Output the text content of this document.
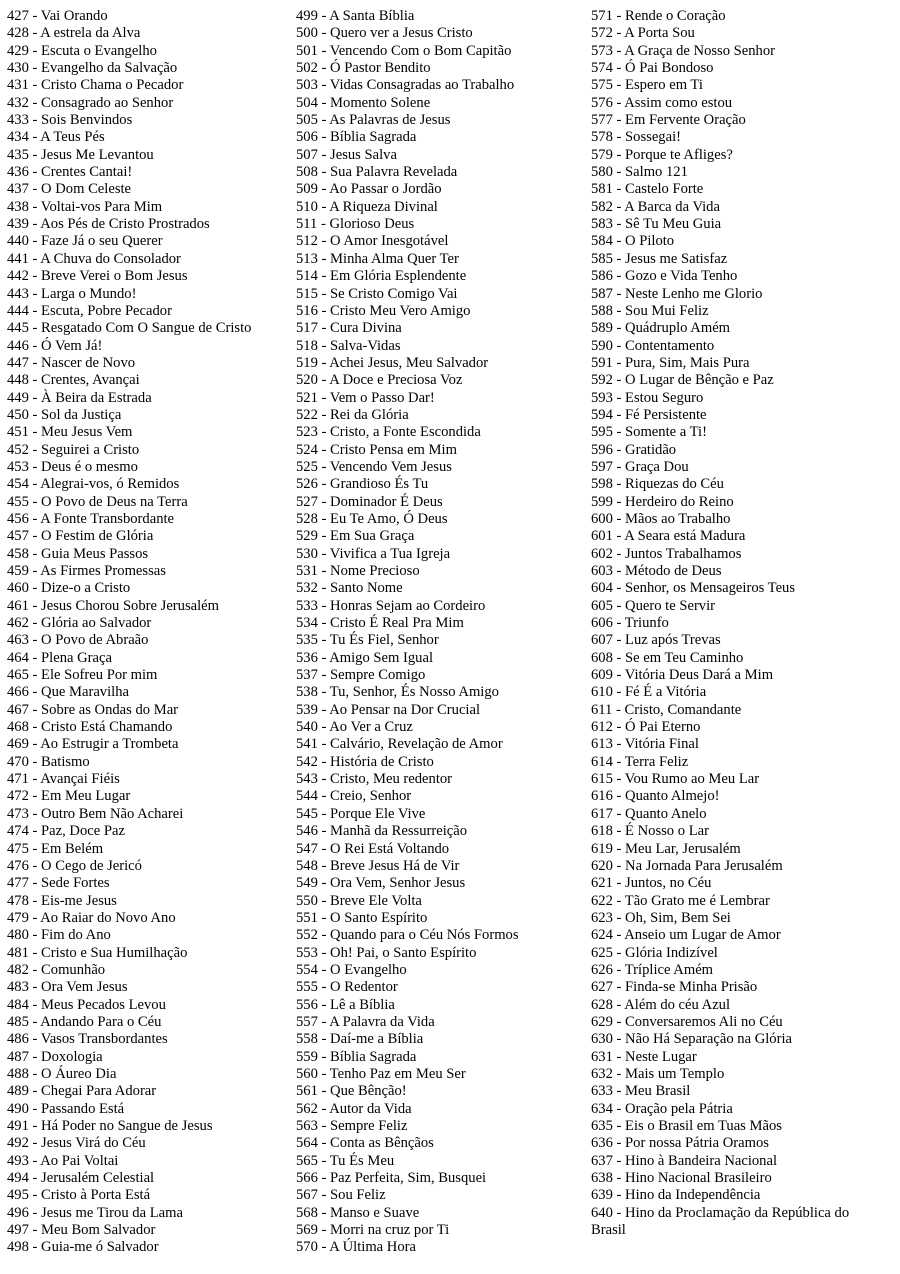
427 - Vai Orando
428 - A estrela da Alva
429 - Escuta o Evangelho
430 - Evangelho da Salvação
431 - Cristo Chama o Pecador
432 - Consagrado ao Senhor
433 - Sois Benvindos
434 - A Teus Pés
435 - Jesus Me Levantou
436 - Crentes Cantai!
437 - O Dom Celeste
438 - Voltai-vos Para Mim
439 - Aos Pés de Cristo Prostrados
440 - Faze Já o seu Querer
441 - A Chuva do Consolador
442 - Breve Verei o Bom Jesus
443 - Larga o Mundo!
444 - Escuta, Pobre Pecador
445 - Resgatado Com O Sangue de Cristo
446 - Ó Vem Já!
447 - Nascer de Novo
448 - Crentes, Avançai
449 - À Beira da Estrada
450 - Sol da Justiça
451 - Meu Jesus Vem
452 - Seguirei a Cristo
453 - Deus é o mesmo
454 - Alegrai-vos, ó Remidos
455 - O Povo de Deus na Terra
456 - A Fonte Transbordante
457 - O Festim de Glória
458 - Guia Meus Passos
459 - As Firmes Promessas
460 - Dize-o a Cristo
461 - Jesus Chorou Sobre Jerusalém
462 - Glória ao Salvador
463 - O Povo de Abraão
464 - Plena Graça
465 - Ele Sofreu Por mim
466 - Que Maravilha
467 - Sobre as Ondas do Mar
468 - Cristo Está Chamando
469 - Ao Estrugir a Trombeta
470 - Batismo
471 - Avançai Fiéis
472 - Em Meu Lugar
473 - Outro Bem Não Acharei
474 - Paz, Doce Paz
475 - Em Belém
476 - O Cego de Jericó
477 - Sede Fortes
478 - Eis-me Jesus
479 - Ao Raiar do Novo Ano
480 - Fim do Ano
481 - Cristo e Sua Humilhação
482 - Comunhão
483 - Ora Vem Jesus
484 - Meus Pecados Levou
485 - Andando Para o Céu
486 - Vasos Transbordantes
487 - Doxologia
488 - O Áureo Dia
489 - Chegai Para Adorar
490 - Passando Está
491 - Há Poder no Sangue de Jesus
492 - Jesus Virá do Céu
493 - Ao Pai Voltai
494 - Jerusalém Celestial
495 - Cristo à Porta Está
496 - Jesus me Tirou da Lama
497 - Meu Bom Salvador
498 - Guia-me ó Salvador
499 - A Santa Bíblia
500 - Quero ver a Jesus Cristo
501 - Vencendo Com o Bom Capitão
502 - Ó Pastor Bendito
503 - Vidas Consagradas ao Trabalho
504 - Momento Solene
505 - As Palavras de Jesus
506 - Bíblia Sagrada
507 - Jesus Salva
508 - Sua Palavra Revelada
509 - Ao Passar o Jordão
510 - A Riqueza Divinal
511 - Glorioso Deus
512 - O Amor Inesgotável
513 - Minha Alma Quer Ter
514 - Em Glória Esplendente
515 - Se Cristo Comigo Vai
516 - Cristo Meu Vero Amigo
517 - Cura Divina
518 - Salva-Vidas
519 - Achei Jesus, Meu Salvador
520 - A Doce e Preciosa Voz
521 - Vem o Passo Dar!
522 - Rei da Glória
523 - Cristo, a Fonte Escondida
524 - Cristo Pensa em Mim
525 - Vencendo Vem Jesus
526 - Grandioso És Tu
527 - Dominador É Deus
528 - Eu Te Amo, Ó Deus
529 - Em Sua Graça
530 - Vivifica a Tua Igreja
531 - Nome Precioso
532 - Santo Nome
533 - Honras Sejam ao Cordeiro
534 - Cristo É Real Pra Mim
535 - Tu És Fiel, Senhor
536 - Amigo Sem Igual
537 - Sempre Comigo
538 - Tu, Senhor, És Nosso Amigo
539 - Ao Pensar na Dor Crucial
540 - Ao Ver a Cruz
541 - Calvário, Revelação de Amor
542 - História de Cristo
543 - Cristo, Meu redentor
544 - Creio, Senhor
545 - Porque Ele Vive
546 - Manhã da Ressurreição
547 - O Rei Está Voltando
548 - Breve Jesus Há de Vir
549 - Ora Vem, Senhor Jesus
550 - Breve Ele Volta
551 - O Santo Espírito
552 - Quando para o Céu Nós Formos
553 - Oh! Pai, o Santo Espírito
554 - O Evangelho
555 - O Redentor
556 - Lê a Bíblia
557 - A Palavra da Vida
558 - Daí-me a Bíblia
559 - Bíblia Sagrada
560 - Tenho Paz em Meu Ser
561 - Que Bênção!
562 - Autor da Vida
563 - Sempre Feliz
564 - Conta as Bênçãos
565 - Tu És Meu
566 - Paz Perfeita, Sim, Busquei
567 - Sou Feliz
568 - Manso e Suave
569 - Morri na cruz por Ti
570 - A Última Hora
571 - Rende o Coração
572 - A Porta Sou
573 - A Graça de Nosso Senhor
574 - Ó Pai Bondoso
575 - Espero em Ti
576 - Assim como estou
577 - Em Fervente Oração
578 - Sossegai!
579 - Porque te Afliges?
580 - Salmo 121
581 - Castelo Forte
582 - A Barca da Vida
583 - Sê Tu Meu Guia
584 - O Piloto
585 - Jesus me Satisfaz
586 - Gozo e Vida Tenho
587 - Neste Lenho me Glorio
588 - Sou Mui Feliz
589 - Quádruplo Amém
590 - Contentamento
591 - Pura, Sim, Mais Pura
592 - O Lugar de Bênção e Paz
593 - Estou Seguro
594 - Fé Persistente
595 - Somente a Ti!
596 - Gratidão
597 - Graça Dou
598 - Riquezas do Céu
599 - Herdeiro do Reino
600 - Mãos ao Trabalho
601 - A Seara está Madura
602 - Juntos Trabalhamos
603 - Método de Deus
604 - Senhor, os Mensageiros Teus
605 - Quero te Servir
606 - Triunfo
607 - Luz após Trevas
608 - Se em Teu Caminho
609 - Vitória Deus Dará a Mim
610 - Fé É a Vitória
611 - Cristo, Comandante
612 - Ó Pai Eterno
613 - Vitória Final
614 - Terra Feliz
615 - Vou Rumo ao Meu Lar
616 - Quanto Almejo!
617 - Quanto Anelo
618 - É Nosso o Lar
619 - Meu Lar, Jerusalém
620 - Na Jornada Para Jerusalém
621 - Juntos, no Céu
622 - Tão Grato me é Lembrar
623 - Oh, Sim, Bem Sei
624 - Anseio um Lugar de Amor
625 - Glória Indizível
626 - Tríplice Amém
627 - Finda-se Minha Prisão
628 - Além do céu Azul
629 - Conversaremos Ali no Céu
630 - Não Há Separação na Glória
631 - Neste Lugar
632 - Mais um Templo
633 - Meu Brasil
634 - Oração pela Pátria
635 - Eis o Brasil em Tuas Mãos
636 - Por nossa Pátria Oramos
637 - Hino à Bandeira Nacional
638 - Hino Nacional Brasileiro
639 - Hino da Independência
640 - Hino da Proclamação da República do Brasil
